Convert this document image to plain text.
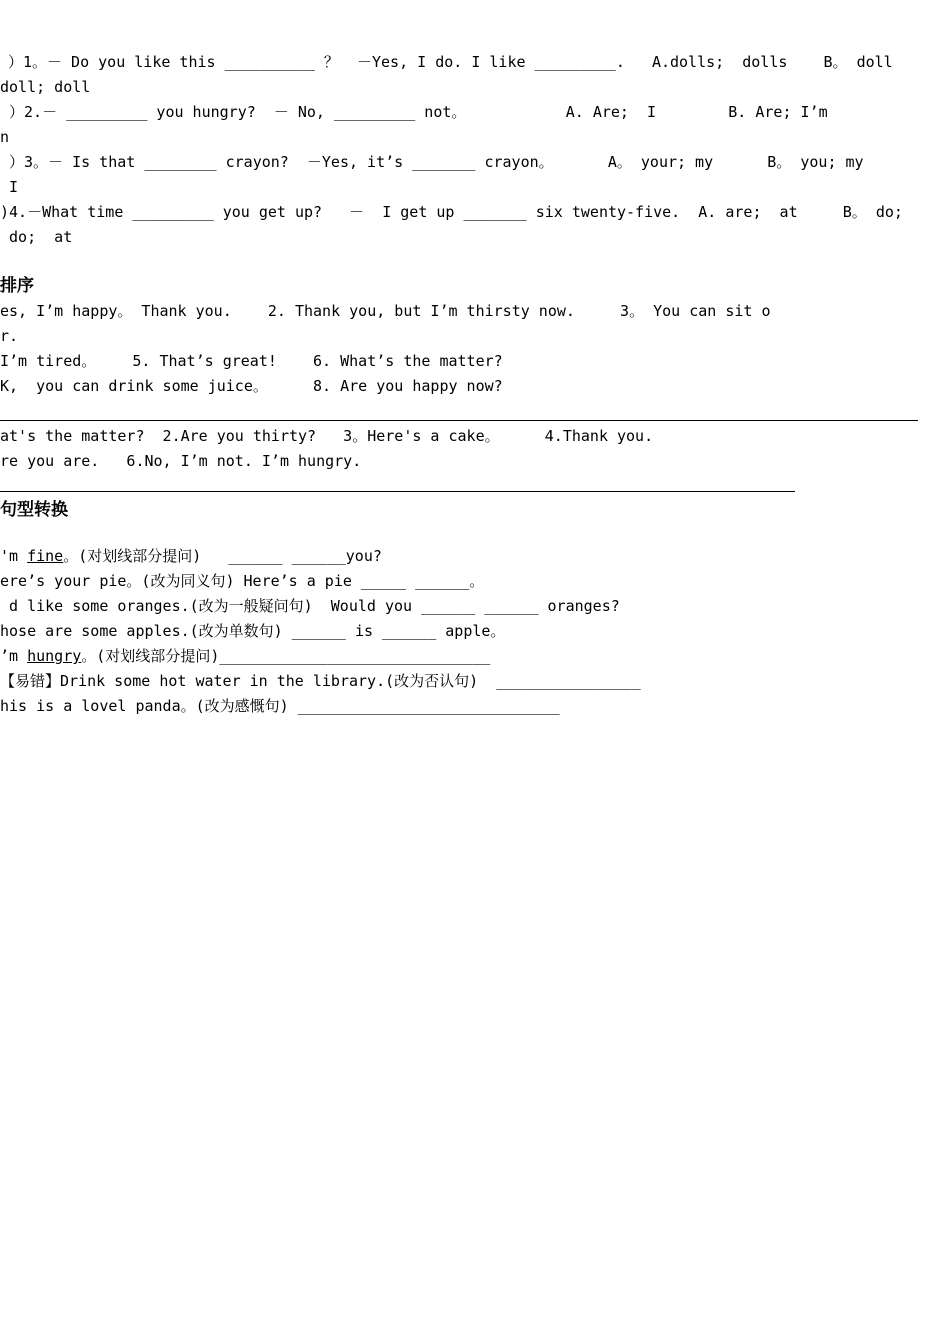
）1。－ Do you like this __________ ？  －Yes, I do. I like _________.   A.dolls;  dolls    B。 doll

doll; doll

）2.－ _________ you hungry?  － No, _________ not。           A. Are;  I        B. Are; I’m

n

）3。－ Is that ________ crayon?  －Yes, it’s _______ crayon。      A。 your; my      B。 you; my

I

)4.－What time _________ you get up?   －  I get up _______ six twenty-five.  A. are;  at     B。 do;

do;  at

排序

es, I’m happy。 Thank you.    2. Thank you, but I’m thirsty now.     3。 You can sit o

r.

I’m tired。    5. That’s great!    6. What’s the matter?

K,  you can drink some juice。     8. Are you happy now?

at's the matter?  2.Are you thirty?   3。Here's a cake。     4.Thank you.

re you are.   6.No, I’m not. I’m hungry.

句型转换

'm fine。(对划线部分提问)   ______ ______you?

ere’s your pie。(改为同义句) Here’s a pie _____ ______。

d like some oranges.(改为一般疑问句)  Would you ______ ______ oranges?

hose are some apples.(改为单数句) ______ is ______ apple。

’m hungry。(对划线部分提问)______________________________

【易错】Drink some hot water in the library.(改为否认句)  ________________

his is a lovel panda。(改为感慨句) _____________________________
